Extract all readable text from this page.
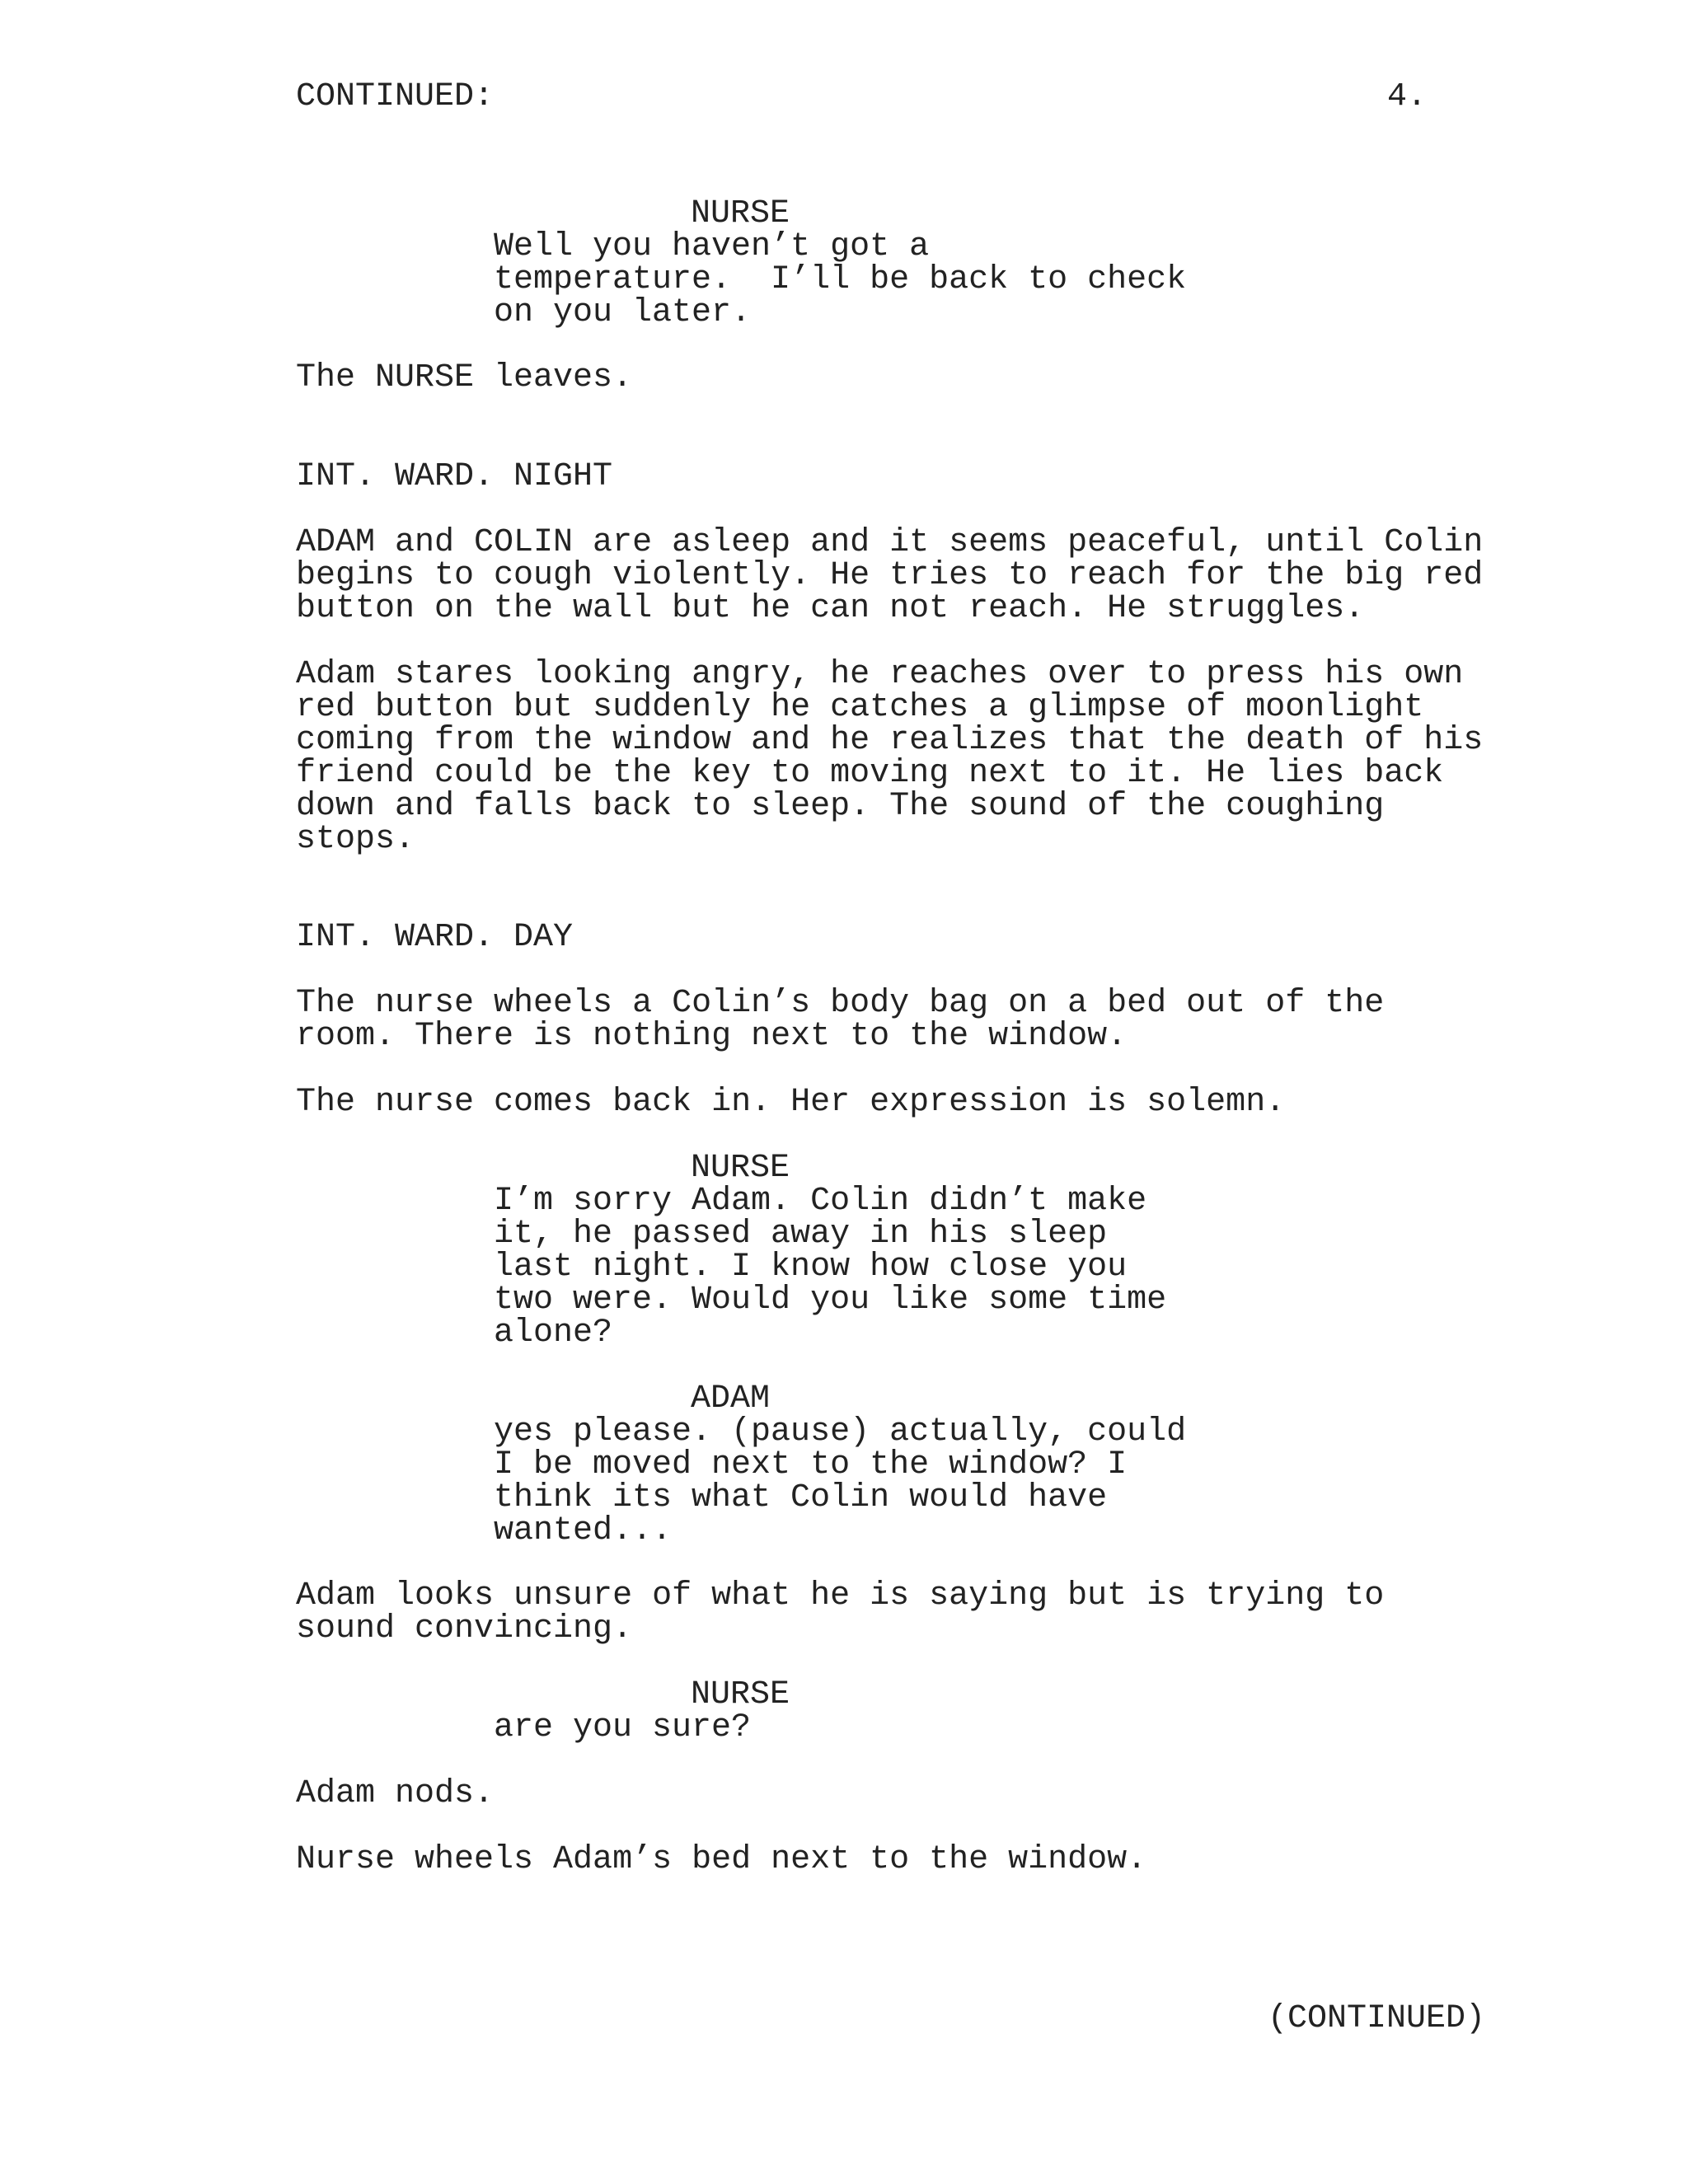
CONTINUED:	4.
NURSE
Well you haven’t got a
temperature.  I’ll be back to check
on you later.
The NURSE leaves.
INT. WARD. NIGHT
ADAM and COLIN are asleep and it seems peaceful, until Colin
begins to cough violently. He tries to reach for the big red
button on the wall but he can not reach. He struggles.
Adam stares looking angry, he reaches over to press his own
red button but suddenly he catches a glimpse of moonlight
coming from the window and he realizes that the death of his
friend could be the key to moving next to it. He lies back
down and falls back to sleep. The sound of the coughing
stops.
INT. WARD. DAY
The nurse wheels a Colin’s body bag on a bed out of the
room. There is nothing next to the window.
The nurse comes back in. Her expression is solemn.
NURSE
I’m sorry Adam. Colin didn’t make
it, he passed away in his sleep
last night. I know how close you
two were. Would you like some time
alone?
ADAM
yes please. (pause) actually, could
I be moved next to the window? I
think its what Colin would have
wanted...
Adam looks unsure of what he is saying but is trying to
sound convincing.
NURSE
are you sure?
Adam nods.
Nurse wheels Adam’s bed next to the window.
(CONTINUED)
